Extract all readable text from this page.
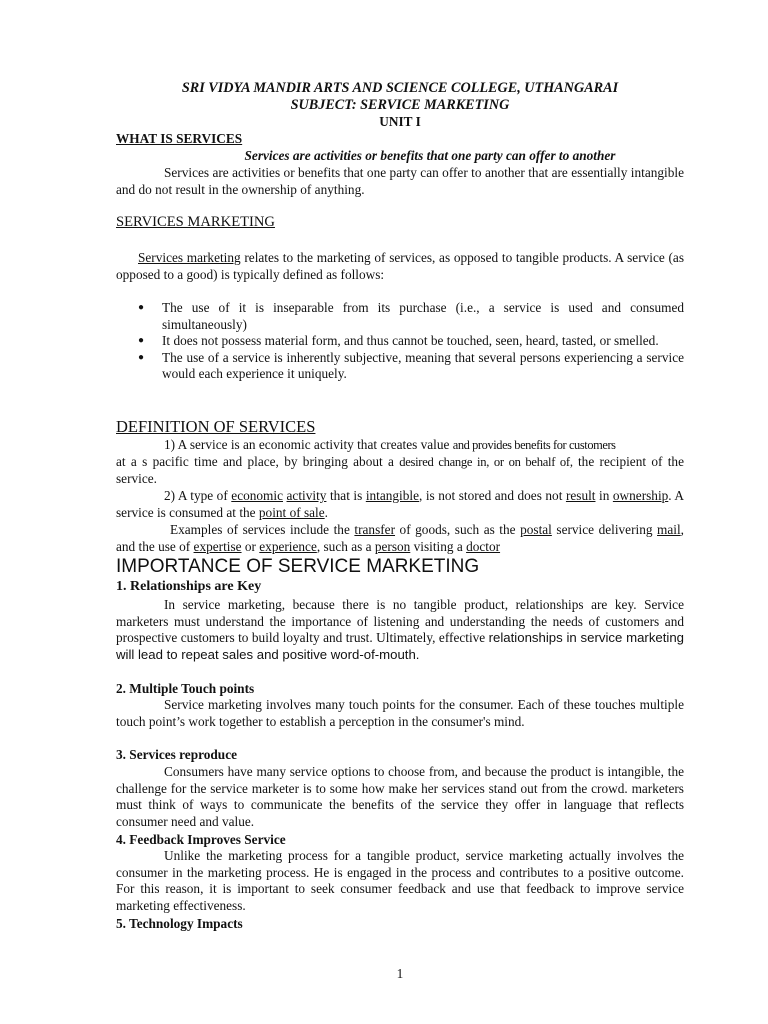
SRI VIDYA MANDIR ARTS AND SCIENCE COLLEGE, UTHANGARAI
SUBJECT: SERVICE MARKETING
UNIT I
WHAT IS SERVICES
Services are activities or benefits that one party can offer to another

Services are activities or benefits that one party can offer to another that are essentially intangible and do not result in the ownership of anything.

SERVICES MARKETING

Services marketing relates to the marketing of services, as opposed to tangible products. A service (as opposed to a good) is typically defined as follows:

● The use of it is inseparable from its purchase (i.e., a service is used and consumed simultaneously)
● It does not possess material form, and thus cannot be touched, seen, heard, tasted, or smelled.
● The use of a service is inherently subjective, meaning that several persons experiencing a service would each experience it uniquely.
DEFINITION OF SERVICES

1) A service is an economic activity that creates value and provides benefits for customers

at a s pacific time and place, by bringing about a desired change in, or on behalf of, the recipient of the service.

2) A type of economic activity that is intangible, is not stored and does not result in ownership. A service is consumed at the point of sale.

Examples of services include the transfer of goods, such as the postal service delivering mail, and the use of expertise or experience, such as a person visiting a doctor

IMPORTANCE OF SERVICE MARKETING
1. Relationships are Key

In service marketing, because there is no tangible product, relationships are key. Service marketers must understand the importance of listening and understanding the needs of customers and prospective customers to build loyalty and trust. Ultimately, effective relationships in service marketing will lead to repeat sales and positive word-of-mouth.

2. Multiple Touch points

Service marketing involves many touch points for the consumer. Each of these touches multiple touch point’s work together to establish a perception in the consumer's mind.

3. Services reproduce

Consumers have many service options to choose from, and because the product is intangible, the challenge for the service marketer is to some how make her services stand out from the crowd. marketers must think of ways to communicate the benefits of the service they offer in language that reflects consumer need and value.

4. Feedback Improves Service

Unlike the marketing process for a tangible product, service marketing actually involves the consumer in the marketing process. He is engaged in the process and contributes to a positive outcome. For this reason, it is important to seek consumer feedback and use that feedback to improve service marketing effectiveness.

5. Technology Impacts
1
